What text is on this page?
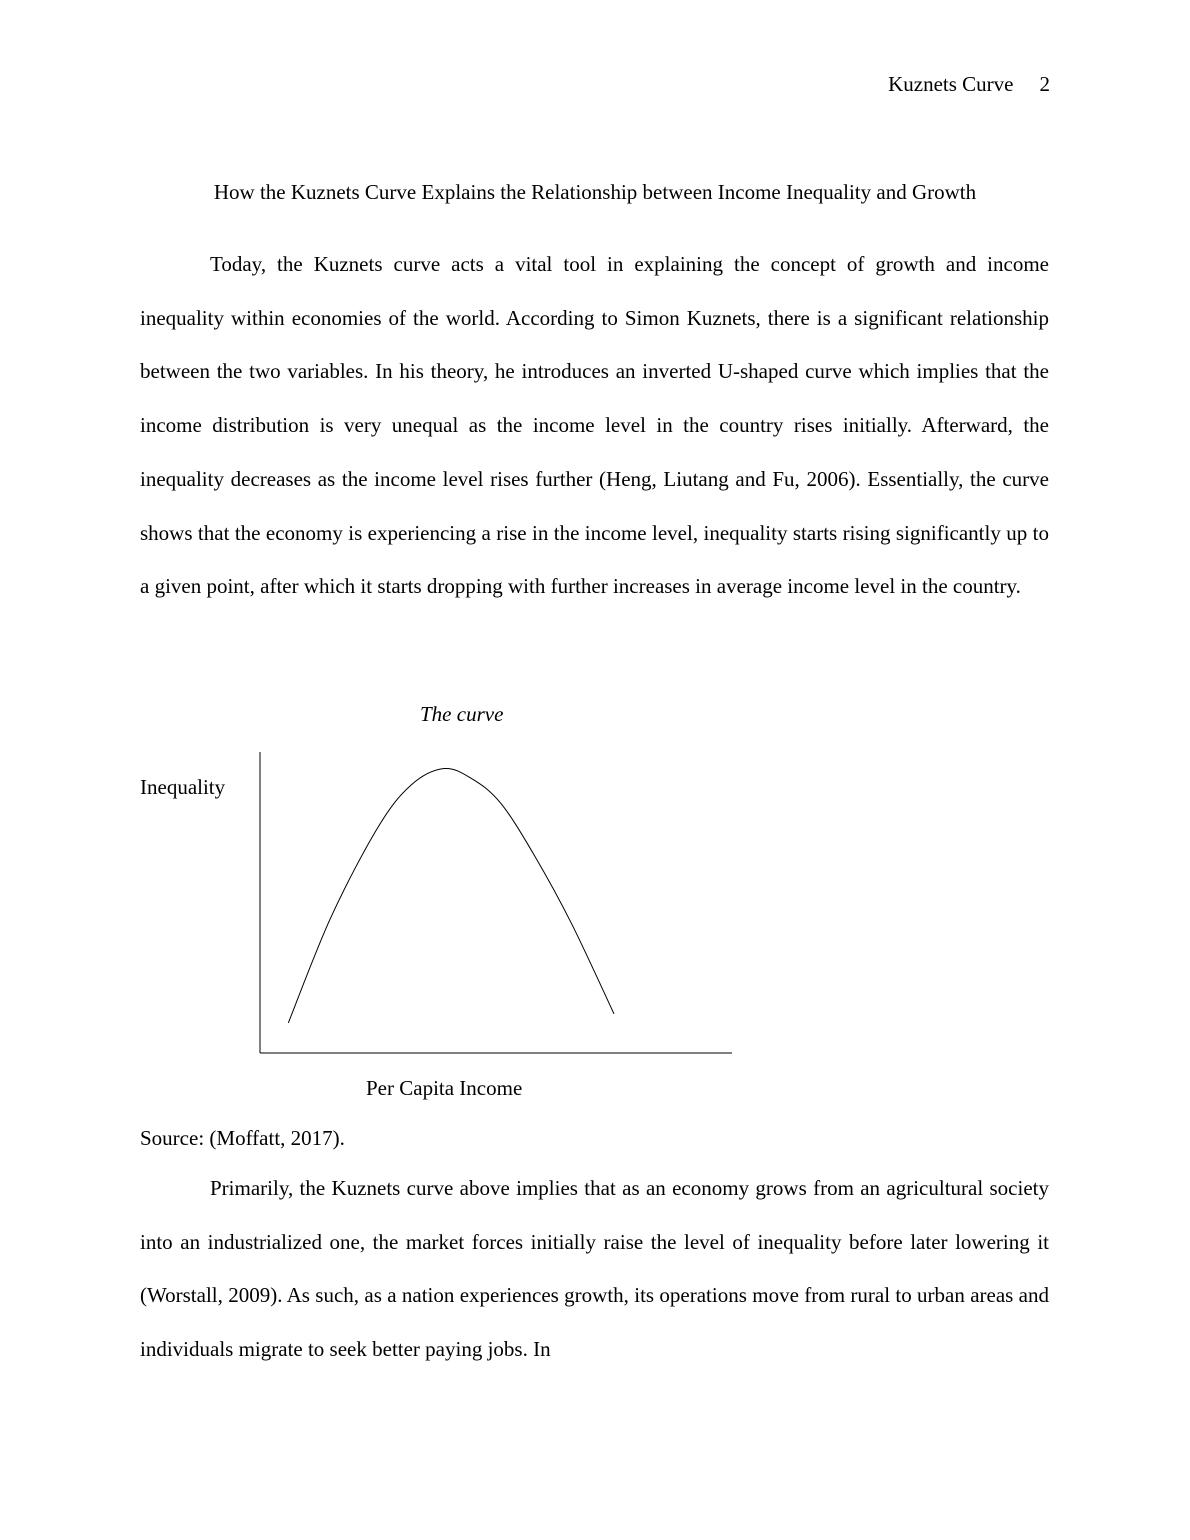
Kuznets Curve 2
How the Kuznets Curve Explains the Relationship between Income Inequality and Growth

Today, the Kuznets curve acts a vital tool in explaining the concept of growth and income inequality within economies of the world. According to Simon Kuznets, there is a significant relationship between the two variables. In his theory, he introduces an inverted U-shaped curve which implies that the income distribution is very unequal as the income level in the country rises initially. Afterward, the inequality decreases as the income level rises further (Heng, Liutang and Fu, 2006). Essentially, the curve shows that the economy is experiencing a rise in the income level, inequality starts rising significantly up to a given point, after which it starts dropping with further increases in average income level in the country.

The curve
Inequality
Per Capita Income
Source: (Moffatt, 2017).

Primarily, the Kuznets curve above implies that as an economy grows from an agricultural society into an industrialized one, the market forces initially raise the level of inequality before later lowering it (Worstall, 2009). As such, as a nation experiences growth, its operations move from rural to urban areas and individuals migrate to seek better paying jobs. In
